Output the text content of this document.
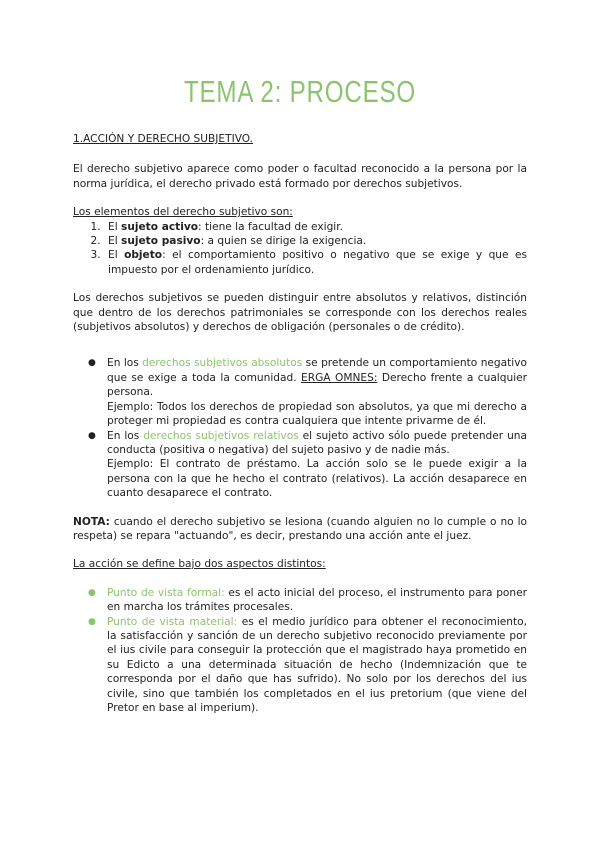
TEMA 2: PROCESO

1.ACCIÓN Y DERECHO SUBJETIVO.

El derecho subjetivo aparece como poder o facultad reconocido a la persona por la norma jurídica, el derecho privado está formado por derechos subjetivos.

Los elementos del derecho subjetivo son:

1. El sujeto activo: tiene la facultad de exigir.
2. El sujeto pasivo: a quien se dirige la exigencia.
3. El objeto: el comportamiento positivo o negativo que se exige y que es impuesto por el ordenamiento jurídico.

Los derechos subjetivos se pueden distinguir entre absolutos y relativos, distinción que dentro de los derechos patrimoniales se corresponde con los derechos reales (subjetivos absolutos) y derechos de obligación (personales o de crédito).

● En los derechos subjetivos absolutos se pretende un comportamiento negativo que se exige a toda la comunidad. ERGA OMNES: Derecho frente a cualquier persona.
Ejemplo: Todos los derechos de propiedad son absolutos, ya que mi derecho a proteger mi propiedad es contra cualquiera que intente privarme de él.
● En los derechos subjetivos relativos el sujeto activo sólo puede pretender una conducta (positiva o negativa) del sujeto pasivo y de nadie más.
Ejemplo: El contrato de préstamo. La acción solo se le puede exigir a la persona con la que he hecho el contrato (relativos). La acción desaparece en cuanto desaparece el contrato.

NOTA: cuando el derecho subjetivo se lesiona (cuando alguien no lo cumple o no lo respeta) se repara "actuando", es decir, prestando una acción ante el juez.

La acción se define bajo dos aspectos distintos:

● Punto de vista formal: es el acto inicial del proceso, el instrumento para poner en marcha los trámites procesales.
● Punto de vista material: es el medio jurídico para obtener el reconocimiento, la satisfacción y sanción de un derecho subjetivo reconocido previamente por el ius civile para conseguir la protección que el magistrado haya prometido en su Edicto a una determinada situación de hecho (Indemnización que te corresponda por el daño que has sufrido). No solo por los derechos del ius civile, sino que también los completados en el ius pretorium (que viene del Pretor en base al imperium).
